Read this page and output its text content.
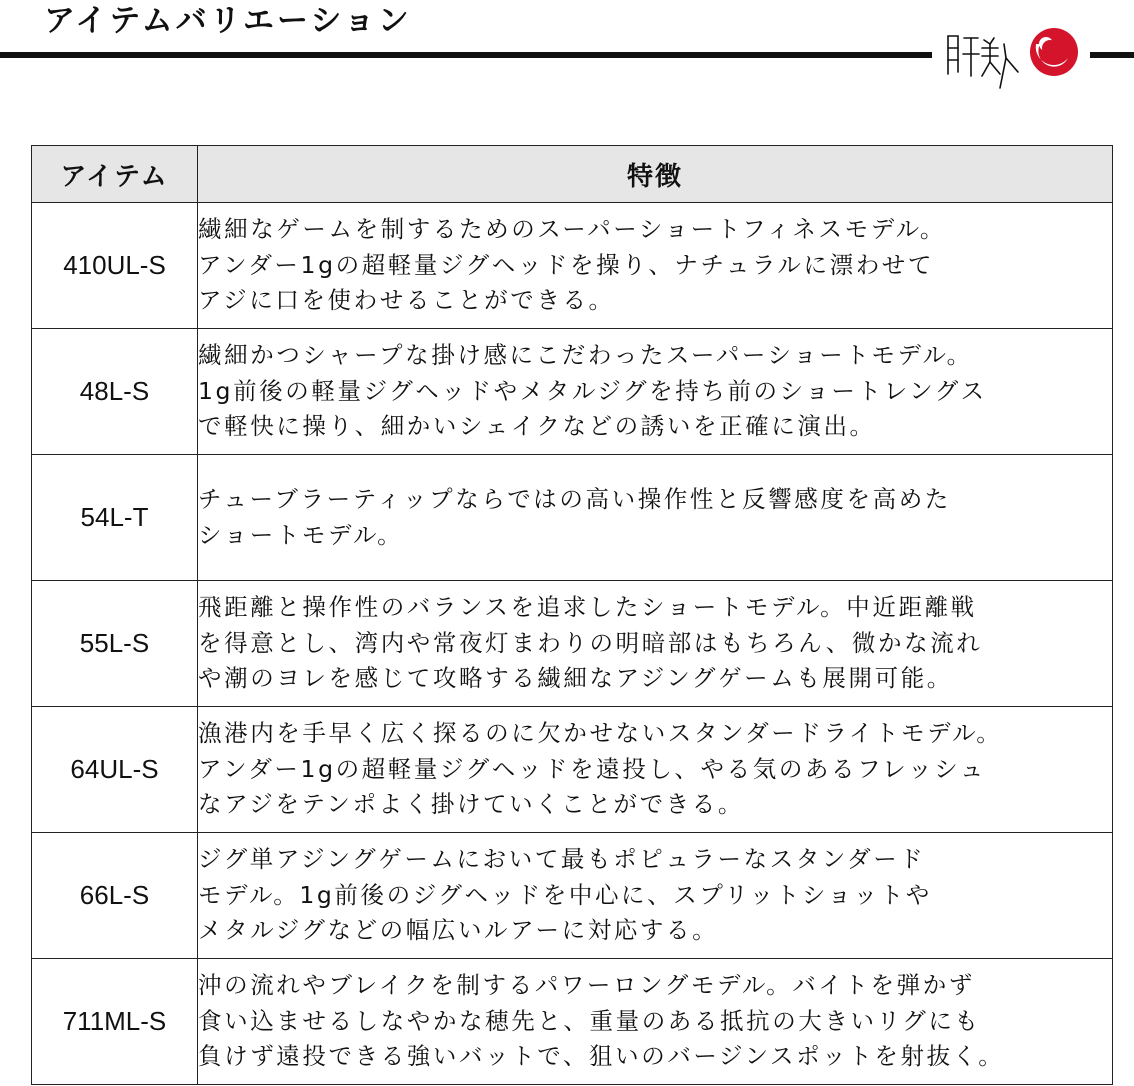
アイテムバリエーション
アイテム	特徴
410UL-S	繊細なゲームを制するためのスーパーショートフィネスモデル。
アンダー1gの超軽量ジグヘッドを操り、ナチュラルに漂わせて
アジに口を使わせることができる。

48L-S	繊細かつシャープな掛け感にこだわったスーパーショートモデル。
1g前後の軽量ジグヘッドやメタルジグを持ち前のショートレングス
で軽快に操り、細かいシェイクなどの誘いを正確に演出。

54L-T	チューブラーティップならではの高い操作性と反響感度を高めた
ショートモデル。

55L-S	飛距離と操作性のバランスを追求したショートモデル。中近距離戦
を得意とし、湾内や常夜灯まわりの明暗部はもちろん、微かな流れ
や潮のヨレを感じて攻略する繊細なアジングゲームも展開可能。

64UL-S	漁港内を手早く広く探るのに欠かせないスタンダードライトモデル。
アンダー1gの超軽量ジグヘッドを遠投し、やる気のあるフレッシュ
なアジをテンポよく掛けていくことができる。

66L-S	ジグ単アジングゲームにおいて最もポピュラーなスタンダード
モデル。1g前後のジグヘッドを中心に、スプリットショットや
メタルジグなどの幅広いルアーに対応する。

711ML-S	沖の流れやブレイクを制するパワーロングモデル。バイトを弾かず
食い込ませるしなやかな穂先と、重量のある抵抗の大きいリグにも
負けず遠投できる強いバットで、狙いのバージンスポットを射抜く。
